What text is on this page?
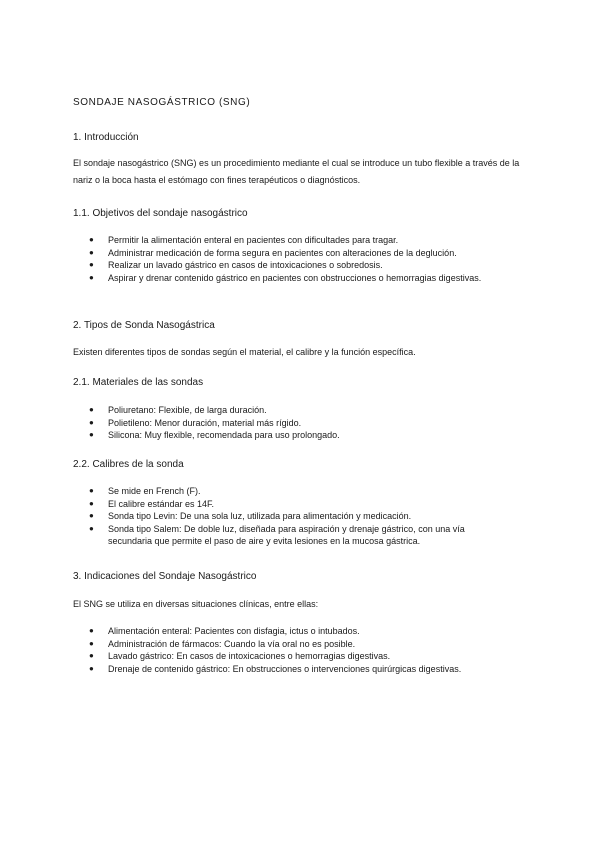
SONDAJE NASOGÁSTRICO (SNG)
1. Introducción
El sondaje nasogástrico (SNG) es un procedimiento mediante el cual se introduce un tubo flexible a través de la nariz o la boca hasta el estómago con fines terapéuticos o diagnósticos.
1.1. Objetivos del sondaje nasogástrico
● Permitir la alimentación enteral en pacientes con dificultades para tragar.
● Administrar medicación de forma segura en pacientes con alteraciones de la deglución.
● Realizar un lavado gástrico en casos de intoxicaciones o sobredosis.
● Aspirar y drenar contenido gástrico en pacientes con obstrucciones o hemorragias digestivas.
2. Tipos de Sonda Nasogástrica
Existen diferentes tipos de sondas según el material, el calibre y la función específica.
2.1. Materiales de las sondas
● Poliuretano: Flexible, de larga duración.
● Polietileno: Menor duración, material más rígido.
● Silicona: Muy flexible, recomendada para uso prolongado.
2.2. Calibres de la sonda
● Se mide en French (F).
● El calibre estándar es 14F.
● Sonda tipo Levin: De una sola luz, utilizada para alimentación y medicación.
● Sonda tipo Salem: De doble luz, diseñada para aspiración y drenaje gástrico, con una vía secundaria que permite el paso de aire y evita lesiones en la mucosa gástrica.
3. Indicaciones del Sondaje Nasogástrico
El SNG se utiliza en diversas situaciones clínicas, entre ellas:
● Alimentación enteral: Pacientes con disfagia, ictus o intubados.
● Administración de fármacos: Cuando la vía oral no es posible.
● Lavado gástrico: En casos de intoxicaciones o hemorragias digestivas.
● Drenaje de contenido gástrico: En obstrucciones o intervenciones quirúrgicas digestivas.
